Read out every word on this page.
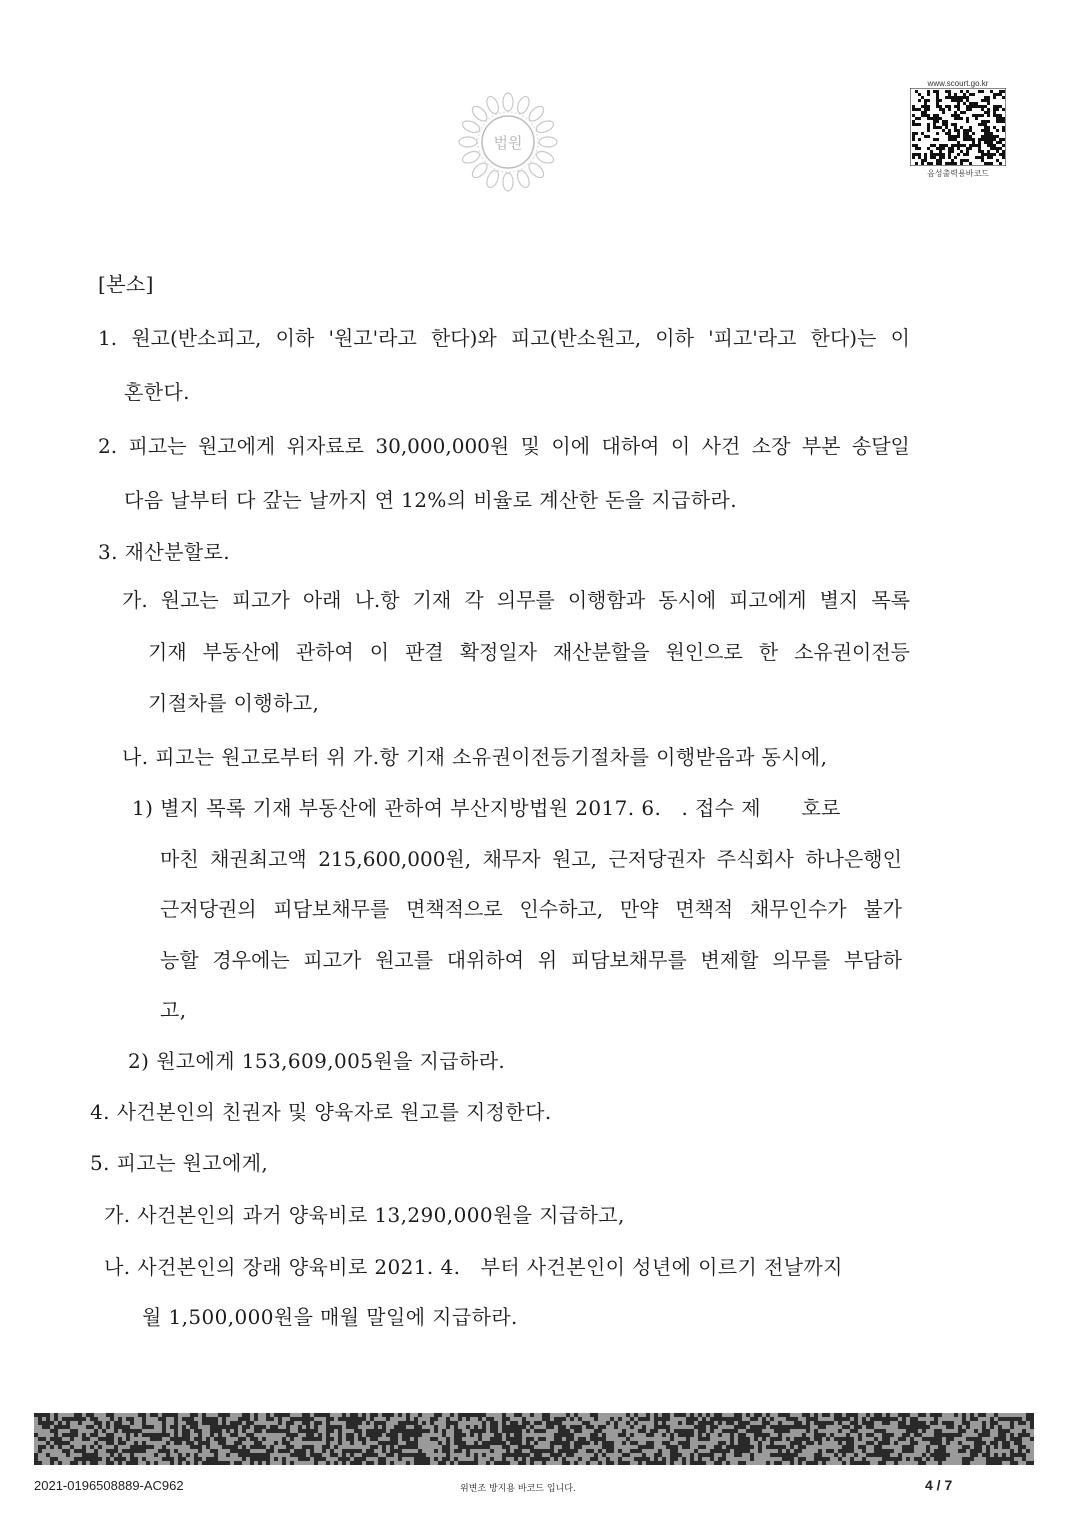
법원
www.scourt.go.kr
음성출력용바코드
[본소]
1. 원고(반소피고, 이하 '원고'라고 한다)와 피고(반소원고, 이하 '피고'라고 한다)는 이
혼한다.
2. 피고는 원고에게 위자료로 30,000,000원 및 이에 대하여 이 사건 소장 부본 송달일
다음 날부터 다 갚는 날까지 연 12%의 비율로 계산한 돈을 지급하라.
3. 재산분할로.
가. 원고는 피고가 아래 나.항 기재 각 의무를 이행함과 동시에 피고에게 별지 목록
기재 부동산에 관하여 이 판결 확정일자 재산분할을 원인으로 한 소유권이전등
기절차를 이행하고,
나. 피고는 원고로부터 위 가.항 기재 소유권이전등기절차를 이행받음과 동시에,
1) 별지 목록 기재 부동산에 관하여 부산지방법원 2017. 6.   . 접수 제      호로
마친 채권최고액 215,600,000원, 채무자 원고, 근저당권자 주식회사 하나은행인
근저당권의 피담보채무를 면책적으로 인수하고, 만약 면책적 채무인수가 불가
능할 경우에는 피고가 원고를 대위하여 위 피담보채무를 변제할 의무를 부담하
고,
2) 원고에게 153,609,005원을 지급하라.
4. 사건본인의 친권자 및 양육자로 원고를 지정한다.
5. 피고는 원고에게,
가. 사건본인의 과거 양육비로 13,290,000원을 지급하고,
나. 사건본인의 장래 양육비로 2021. 4.   부터 사건본인이 성년에 이르기 전날까지
월 1,500,000원을 매월 말일에 지급하라.
2021-0196508889-AC962	위변조 방지용 바코드 입니다.	4 / 7
